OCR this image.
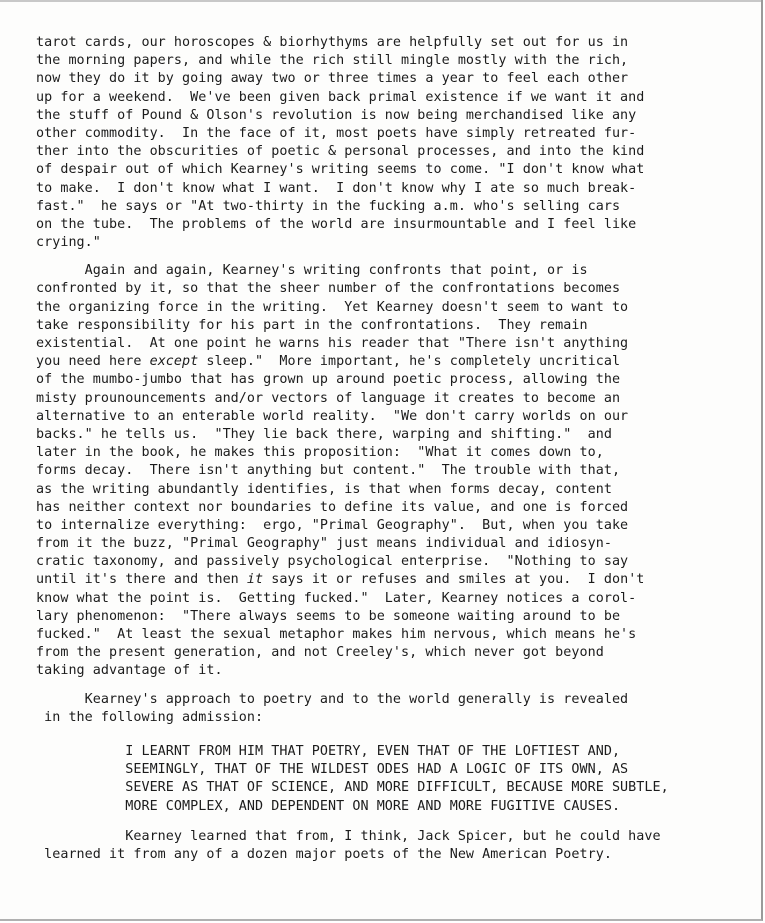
tarot cards, our horoscopes & biorhythyms are helpfully set out for us in
the morning papers, and while the rich still mingle mostly with the rich,
now they do it by going away two or three times a year to feel each other
up for a weekend.  We've been given back primal existence if we want it and
the stuff of Pound & Olson's revolution is now being merchandised like any
other commodity.  In the face of it, most poets have simply retreated fur-
ther into the obscurities of poetic & personal processes, and into the kind
of despair out of which Kearney's writing seems to come. "I don't know what
to make.  I don't know what I want.  I don't know why I ate so much break-
fast."  he says or "At two-thirty in the fucking a.m. who's selling cars
on the tube.  The problems of the world are insurmountable and I feel like
crying."
Again and again, Kearney's writing confronts that point, or is
confronted by it, so that the sheer number of the confrontations becomes
the organizing force in the writing.  Yet Kearney doesn't seem to want to
take responsibility for his part in the confrontations.  They remain
existential.  At one point he warns his reader that "There isn't anything
you need here except sleep."  More important, he's completely uncritical
of the mumbo-jumbo that has grown up around poetic process, allowing the
misty prounouncements and/or vectors of language it creates to become an
alternative to an enterable world reality.  "We don't carry worlds on our
backs." he tells us.  "They lie back there, warping and shifting."  and
later in the book, he makes this proposition:  "What it comes down to,
forms decay.  There isn't anything but content."  The trouble with that,
as the writing abundantly identifies, is that when forms decay, content
has neither context nor boundaries to define its value, and one is forced
to internalize everything:  ergo, "Primal Geography".  But, when you take
from it the buzz, "Primal Geography" just means individual and idiosyn-
cratic taxonomy, and passively psychological enterprise.  "Nothing to say
until it's there and then it says it or refuses and smiles at you.  I don't
know what the point is.  Getting fucked."  Later, Kearney notices a corol-
lary phenomenon:  "There always seems to be someone waiting around to be
fucked."  At least the sexual metaphor makes him nervous, which means he's
from the present generation, and not Creeley's, which never got beyond
taking advantage of it.
Kearney's approach to poetry and to the world generally is revealed
in the following admission:
I LEARNT FROM HIM THAT POETRY, EVEN THAT OF THE LOFTIEST AND,
SEEMINGLY, THAT OF THE WILDEST ODES HAD A LOGIC OF ITS OWN, AS
SEVERE AS THAT OF SCIENCE, AND MORE DIFFICULT, BECAUSE MORE SUBTLE,
MORE COMPLEX, AND DEPENDENT ON MORE AND MORE FUGITIVE CAUSES.
Kearney learned that from, I think, Jack Spicer, but he could have
learned it from any of a dozen major poets of the New American Poetry.
